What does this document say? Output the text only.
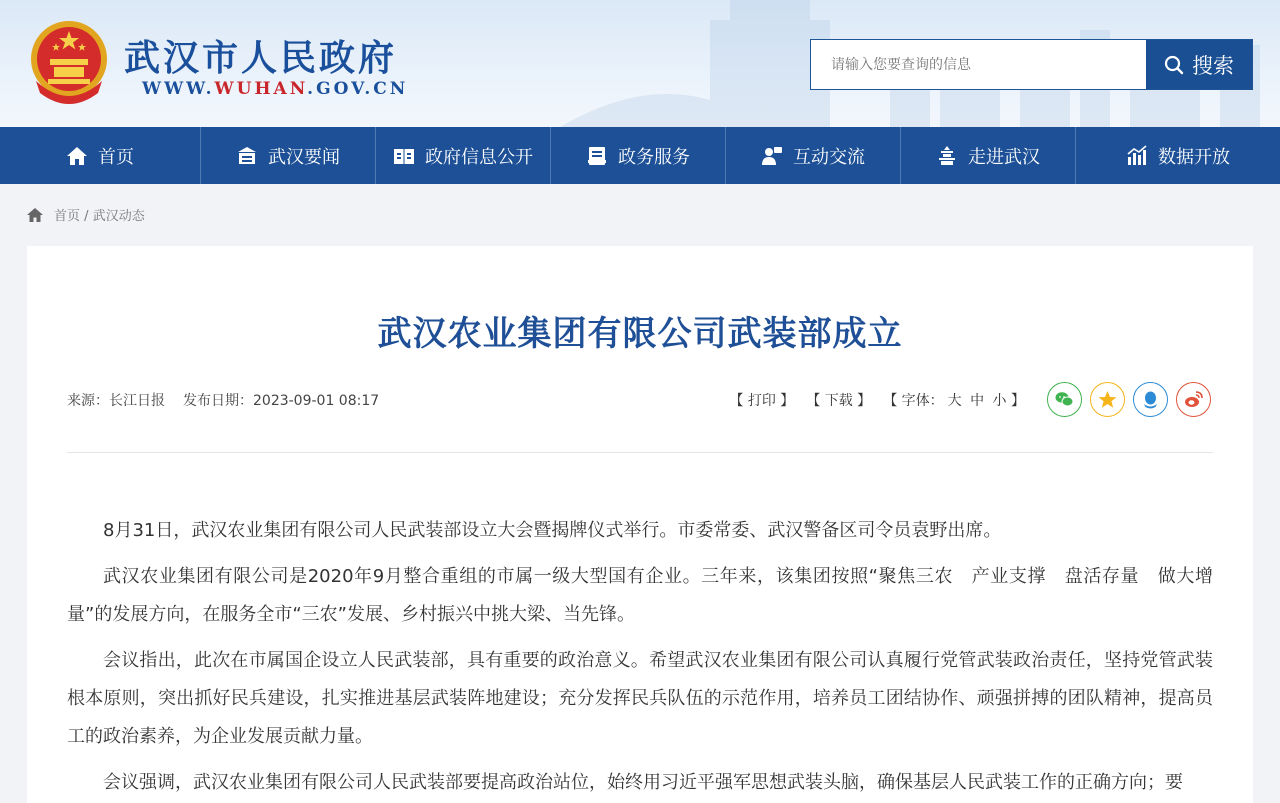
武汉市人民政府
WWW.WUHAN.GOV.CN
请输入您要查询的信息
搜索
首页	武汉要闻	政府信息公开	政务服务	互动交流	走进武汉	数据开放
首页 / 武汉动态
武汉农业集团有限公司武装部成立
来源：长江日报 发布日期：2023-09-01 08:17	【 打印 】 【 下载 】 【 字体： 大 中 小 】

8月31日，武汉农业集团有限公司人民武装部设立大会暨揭牌仪式举行。市委常委、武汉警备区司令员袁野出席。

武汉农业集团有限公司是2020年9月整合重组的市属一级大型国有企业。三年来，该集团按照“聚焦三农　产业支撑　盘活存量　做大增量”的发展方向，在服务全市“三农”发展、乡村振兴中挑大梁、当先锋。

会议指出，此次在市属国企设立人民武装部，具有重要的政治意义。希望武汉农业集团有限公司认真履行党管武装政治责任，坚持党管武装根本原则，突出抓好民兵建设，扎实推进基层武装阵地建设；充分发挥民兵队伍的示范作用，培养员工团结协作、顽强拼搏的团队精神，提高员工的政治素养，为企业发展贡献力量。

会议强调，武汉农业集团有限公司人民武装部要提高政治站位，始终用习近平强军思想武装头脑，确保基层人民武装工作的正确方向；要
